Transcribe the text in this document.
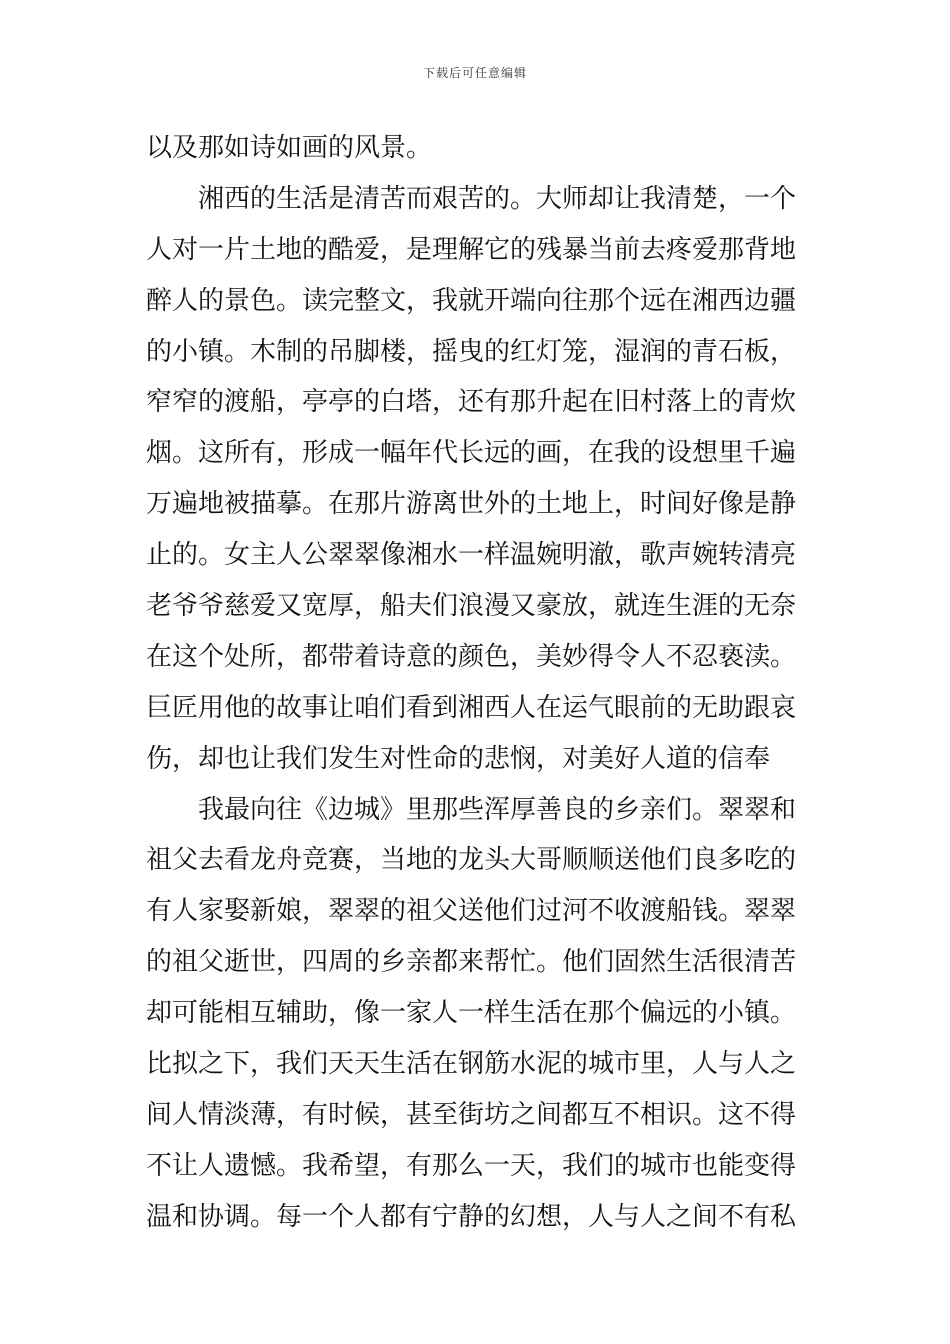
下载后可任意编辑
以及那如诗如画的风景。
湘西的生活是清苦而艰苦的。大师却让我清楚，一个
人对一片土地的酷爱，是理解它的残暴当前去疼爱那背地
醉人的景色。读完整文，我就开端向往那个远在湘西边疆
的小镇。木制的吊脚楼，摇曳的红灯笼，湿润的青石板，
窄窄的渡船，亭亭的白塔，还有那升起在旧村落上的青炊
烟。这所有，形成一幅年代长远的画，在我的设想里千遍
万遍地被描摹。在那片游离世外的土地上，时间好像是静
止的。女主人公翠翠像湘水一样温婉明澈，歌声婉转清亮
老爷爷慈爱又宽厚，船夫们浪漫又豪放，就连生涯的无奈
在这个处所，都带着诗意的颜色，美妙得令人不忍亵渎。
巨匠用他的故事让咱们看到湘西人在运气眼前的无助跟哀
伤，却也让我们发生对性命的悲悯，对美好人道的信奉
我最向往《边城》里那些浑厚善良的乡亲们。翠翠和
祖父去看龙舟竞赛，当地的龙头大哥顺顺送他们良多吃的
有人家娶新娘，翠翠的祖父送他们过河不收渡船钱。翠翠
的祖父逝世，四周的乡亲都来帮忙。他们固然生活很清苦
却可能相互辅助，像一家人一样生活在那个偏远的小镇。
比拟之下，我们天天生活在钢筋水泥的城市里，人与人之
间人情淡薄，有时候，甚至街坊之间都互不相识。这不得
不让人遗憾。我希望，有那么一天，我们的城市也能变得
温和协调。每一个人都有宁静的幻想，人与人之间不有私
